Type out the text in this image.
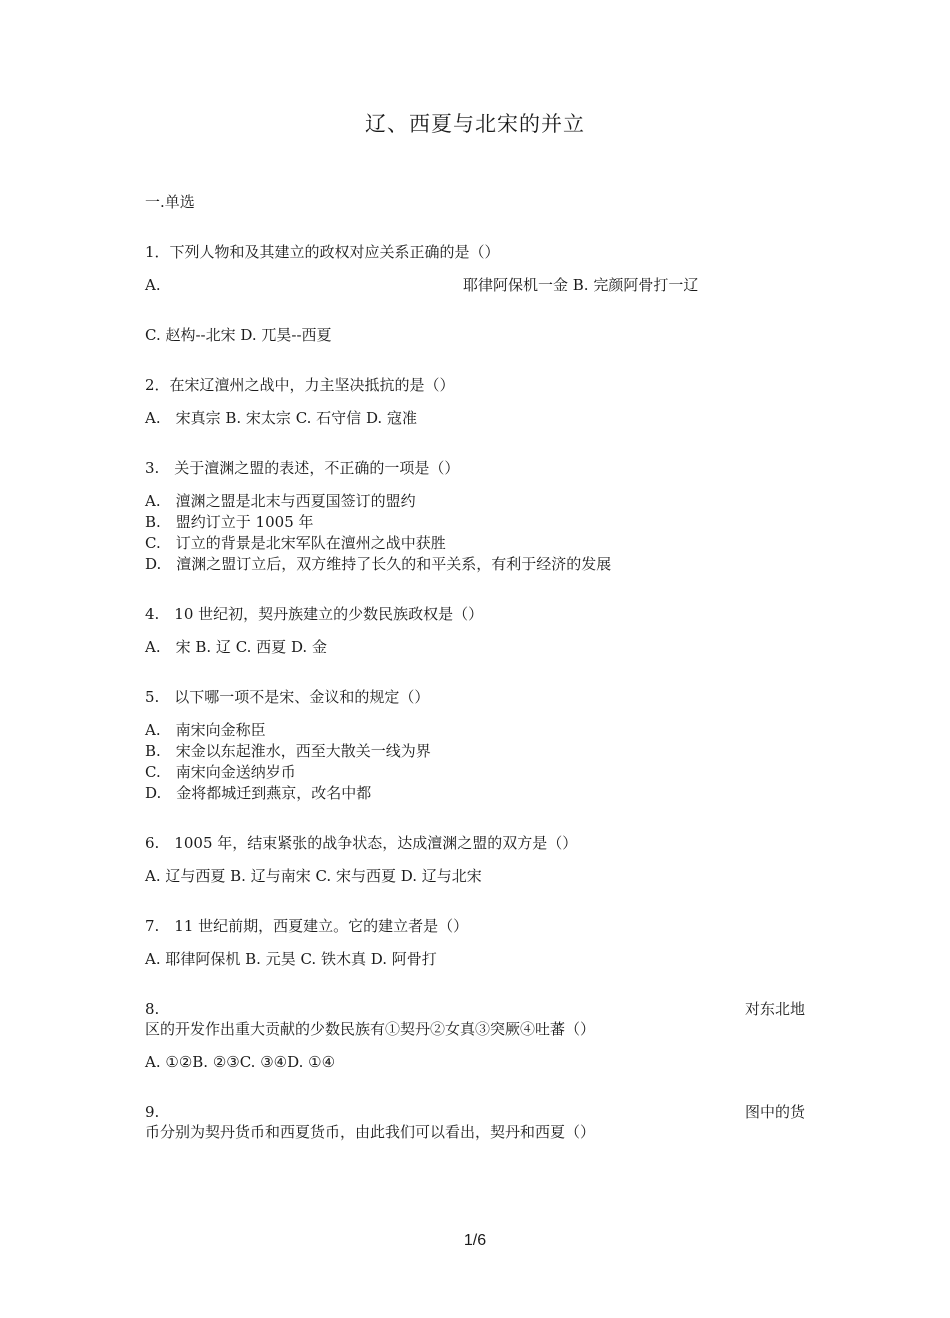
辽、西夏与北宋的并立
一.单选
1．下列人物和及其建立的政权对应关系正确的是（）
A.	耶律阿保机一金 B. 完颜阿骨打一辽
C. 赵构--北宋 D. 兀昊--西夏
2．在宋辽澶州之战中，力主坚决抵抗的是（）
A.　宋真宗 B. 宋太宗 C. 石守信 D. 寇准
3.　关于澶渊之盟的表述，不正确的一项是（）
A.　澶渊之盟是北末与西夏国签订的盟约
B.　盟约订立于 1005 年
C.　订立的背景是北宋军队在澶州之战中获胜
D.　澶渊之盟订立后，双方维持了长久的和平关系，有利于经济的发展
4.　10 世纪初，契丹族建立的少数民族政权是（）
A.　宋 B. 辽 C. 西夏 D. 金
5.　以下哪一项不是宋、金议和的规定（）
A.　南宋向金称臣
B.　宋金以东起淮水，西至大散关一线为界
C.　南宋向金送纳岁币
D.　金将都城迁到燕京，改名中都
6.　1005 年，结束紧张的战争状态，达成澶渊之盟的双方是（）
A. 辽与西夏 B. 辽与南宋 C. 宋与西夏 D. 辽与北宋
7.　11 世纪前期，西夏建立。它的建立者是（）
A. 耶律阿保机 B. 元昊 C. 铁木真 D. 阿骨打
8.	对东北地
区的开发作出重大贡献的少数民族有①契丹②女真③突厥④吐蕃（）
A. ①②B. ②③C. ③④D. ①④
9.	图中的货
币分别为契丹货币和西夏货币，由此我们可以看出，契丹和西夏（）
1/6
